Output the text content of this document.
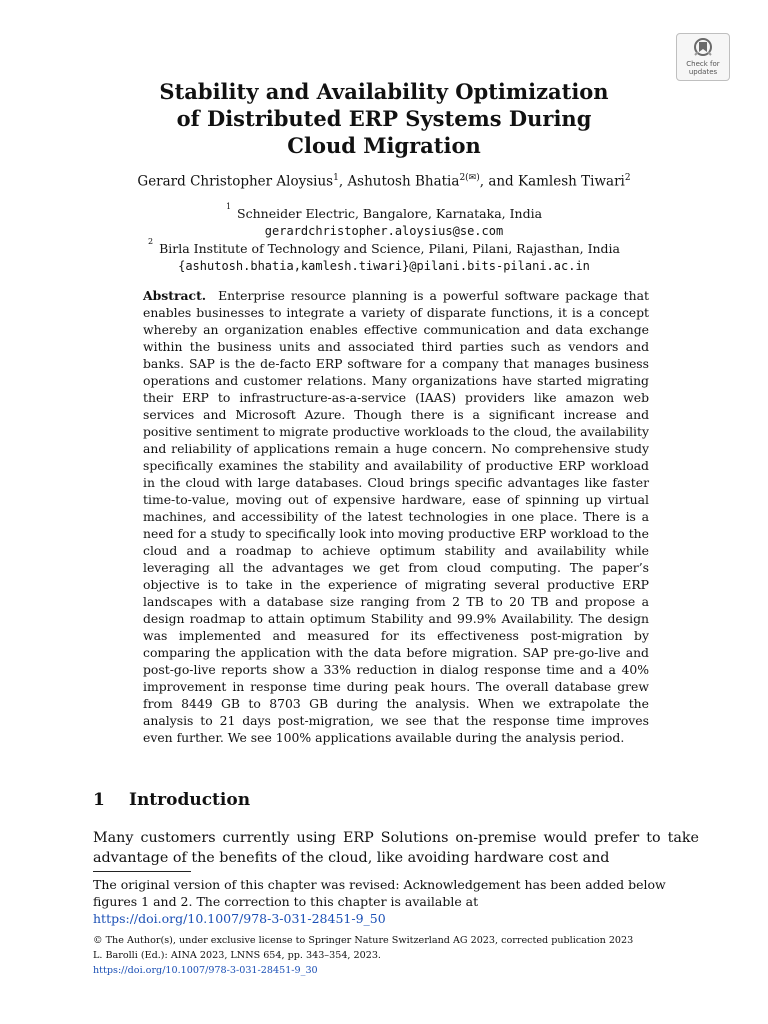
Check for
updates
Stability and Availability Optimization
of Distributed ERP Systems During
Cloud Migration
Gerard Christopher Aloysius$^1$, Ashutosh Bhatia$^{2(✉)}$, and Kamlesh Tiwari$^2$
$^1$ Schneider Electric, Bangalore, Karnataka, India
gerardchristopher.aloysius@se.com
$^2$ Birla Institute of Technology and Science, Pilani, Pilani, Rajasthan, India
{ashutosh.bhatia,kamlesh.tiwari}@pilani.bits-pilani.ac.in

Abstract. Enterprise resource planning is a powerful software package that enables businesses to integrate a variety of disparate functions, it is a concept whereby an organization enables effective communication and data exchange within the business units and associated third parties such as vendors and banks. SAP is the de-facto ERP software for a company that manages business operations and customer relations. Many organizations have started migrating their ERP to infrastructure-as-a-service (IAAS) providers like amazon web services and Microsoft Azure. Though there is a significant increase and positive sentiment to migrate productive workloads to the cloud, the availability and reliability of applications remain a huge concern. No comprehensive study specifically examines the stability and availability of productive ERP workload in the cloud with large databases. Cloud brings specific advantages like faster time-to-value, moving out of expensive hardware, ease of spinning up virtual machines, and accessibility of the latest technologies in one place. There is a need for a study to specifically look into moving productive ERP workload to the cloud and a roadmap to achieve optimum stability and availability while leveraging all the advantages we get from cloud computing. The paper’s objective is to take in the experience of migrating several productive ERP landscapes with a database size ranging from 2 TB to 20 TB and propose a design roadmap to attain optimum Stability and 99.9% Availability. The design was implemented and measured for its effectiveness post-migration by comparing the application with the data before migration. SAP pre-go-live and post-go-live reports show a 33% reduction in dialog response time and a 40% improvement in response time during peak hours. The overall database grew from 8449 GB to 8703 GB during the analysis. When we extrapolate the analysis to 21 days post-migration, we see that the response time improves even further. We see 100% applications available during the analysis period.

1 Introduction

Many customers currently using ERP Solutions on-premise would prefer to take advantage of the benefits of the cloud, like avoiding hardware cost and

The original version of this chapter was revised: Acknowledgement has been added below figures 1 and 2. The correction to this chapter is available at
https://doi.org/10.1007/978-3-031-28451-9_50

© The Author(s), under exclusive license to Springer Nature Switzerland AG 2023, corrected publication 2023
L. Barolli (Ed.): AINA 2023, LNNS 654, pp. 343–354, 2023.
https://doi.org/10.1007/978-3-031-28451-9_30
